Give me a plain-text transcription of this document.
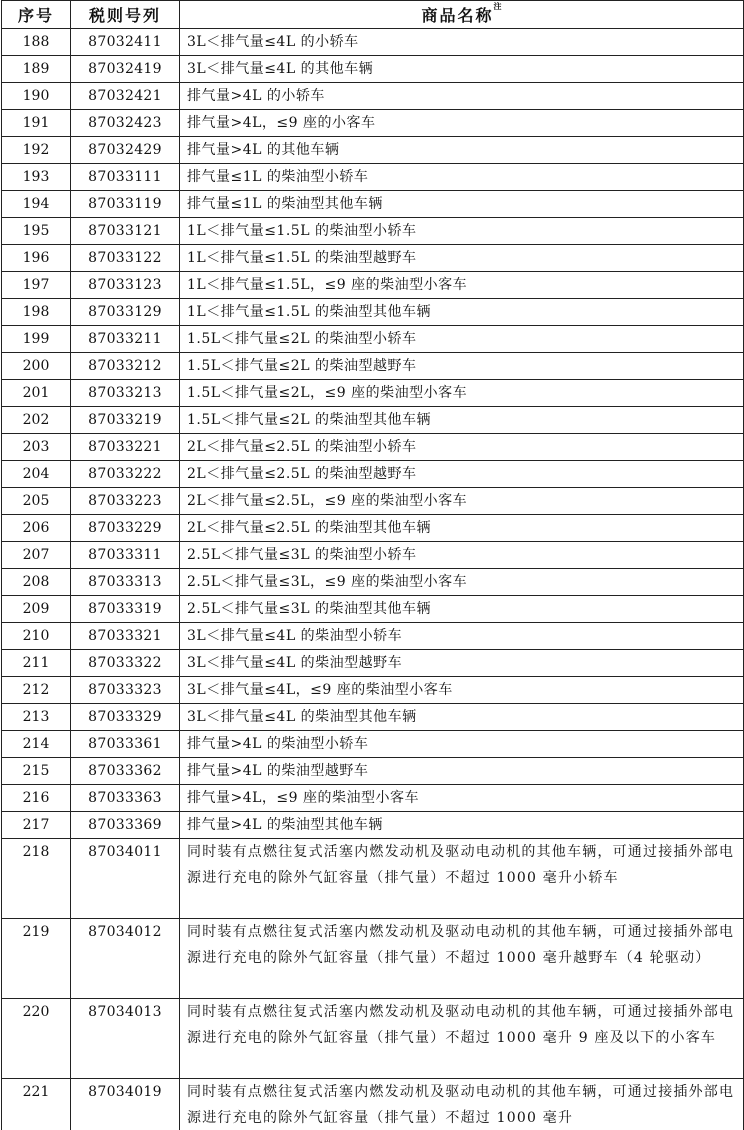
序号	税则号列	商品名称$^注$
188	87032411	3L＜排气量≤4L 的小轿车
189	87032419	3L＜排气量≤4L 的其他车辆
190	87032421	排气量>4L 的小轿车
191	87032423	排气量>4L，≤9 座的小客车
192	87032429	排气量>4L 的其他车辆
193	87033111	排气量≤1L 的柴油型小轿车
194	87033119	排气量≤1L 的柴油型其他车辆
195	87033121	1L＜排气量≤1.5L 的柴油型小轿车
196	87033122	1L＜排气量≤1.5L 的柴油型越野车
197	87033123	1L＜排气量≤1.5L，≤9 座的柴油型小客车
198	87033129	1L＜排气量≤1.5L 的柴油型其他车辆
199	87033211	1.5L＜排气量≤2L 的柴油型小轿车
200	87033212	1.5L＜排气量≤2L 的柴油型越野车
201	87033213	1.5L＜排气量≤2L，≤9 座的柴油型小客车
202	87033219	1.5L＜排气量≤2L 的柴油型其他车辆
203	87033221	2L＜排气量≤2.5L 的柴油型小轿车
204	87033222	2L＜排气量≤2.5L 的柴油型越野车
205	87033223	2L＜排气量≤2.5L，≤9 座的柴油型小客车
206	87033229	2L＜排气量≤2.5L 的柴油型其他车辆
207	87033311	2.5L＜排气量≤3L 的柴油型小轿车
208	87033313	2.5L＜排气量≤3L，≤9 座的柴油型小客车
209	87033319	2.5L＜排气量≤3L 的柴油型其他车辆
210	87033321	3L＜排气量≤4L 的柴油型小轿车
211	87033322	3L＜排气量≤4L 的柴油型越野车
212	87033323	3L＜排气量≤4L，≤9 座的柴油型小客车
213	87033329	3L＜排气量≤4L 的柴油型其他车辆
214	87033361	排气量>4L 的柴油型小轿车
215	87033362	排气量>4L 的柴油型越野车
216	87033363	排气量>4L，≤9 座的柴油型小客车
217	87033369	排气量>4L 的柴油型其他车辆
218	87034011	同时装有点燃往复式活塞内燃发动机及驱动电动机的其他车辆，可通过接插外部电源进行充电的除外气缸容量（排气量）不超过 1000 毫升小轿车
219	87034012	同时装有点燃往复式活塞内燃发动机及驱动电动机的其他车辆，可通过接插外部电源进行充电的除外气缸容量（排气量）不超过 1000 毫升越野车（4 轮驱动）
220	87034013	同时装有点燃往复式活塞内燃发动机及驱动电动机的其他车辆，可通过接插外部电源进行充电的除外气缸容量（排气量）不超过 1000 毫升 9 座及以下的小客车
221	87034019	同时装有点燃往复式活塞内燃发动机及驱动电动机的其他车辆，可通过接插外部电源进行充电的除外气缸容量（排气量）不超过 1000 毫升
